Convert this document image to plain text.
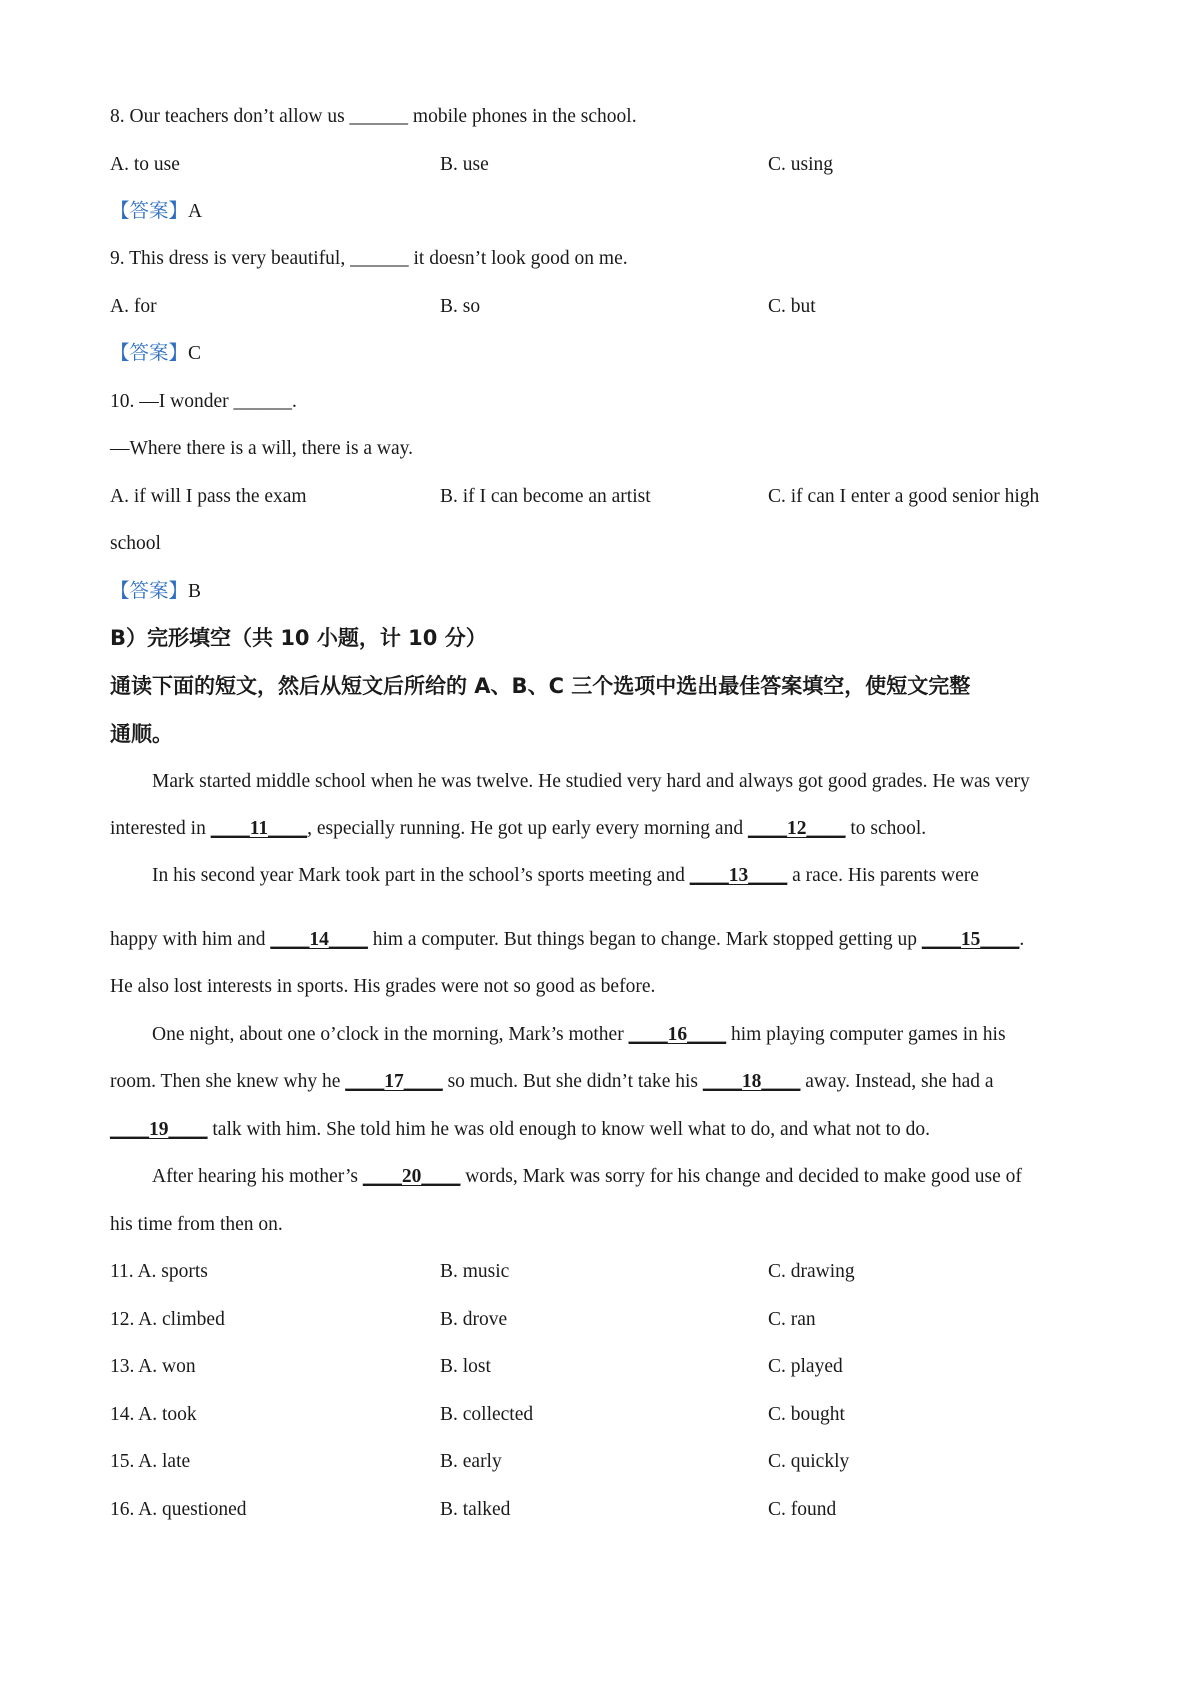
8. Our teachers don’t allow us ______ mobile phones in the school.
A. to use	B. use	C. using
【答案】A
9. This dress is very beautiful, ______ it doesn’t look good on me.
A. for	B. so	C. but
【答案】C
10. —I wonder ______.
—Where there is a will, there is a way.
A. if will I pass the exam	B. if I can become an artist	C. if can I enter a good senior high
school
【答案】B
B）完形填空（共 10 小题，计 10 分）
通读下面的短文，然后从短文后所给的 A、B、C 三个选项中选出最佳答案填空，使短文完整
通顺。
Mark started middle school when he was twelve. He studied very hard and always got good grades. He was very
interested in ____11____, especially running. He got up early every morning and ____12____ to school.
In his second year Mark took part in the school’s sports meeting and ____13____ a race. His parents were
happy with him and ____14____ him a computer. But things began to change. Mark stopped getting up ____15____.
He also lost interests in sports. His grades were not so good as before.
One night, about one o’clock in the morning, Mark’s mother ____16____ him playing computer games in his
room. Then she knew why he ____17____ so much. But she didn’t take his ____18____ away. Instead, she had a
____19____ talk with him. She told him he was old enough to know well what to do, and what not to do.
After hearing his mother’s ____20____ words, Mark was sorry for his change and decided to make good use of
his time from then on.
11. A. sports	B. music	C. drawing
12. A. climbed	B. drove	C. ran
13. A. won	B. lost	C. played
14. A. took	B. collected	C. bought
15. A. late	B. early	C. quickly
16. A. questioned	B. talked	C. found
